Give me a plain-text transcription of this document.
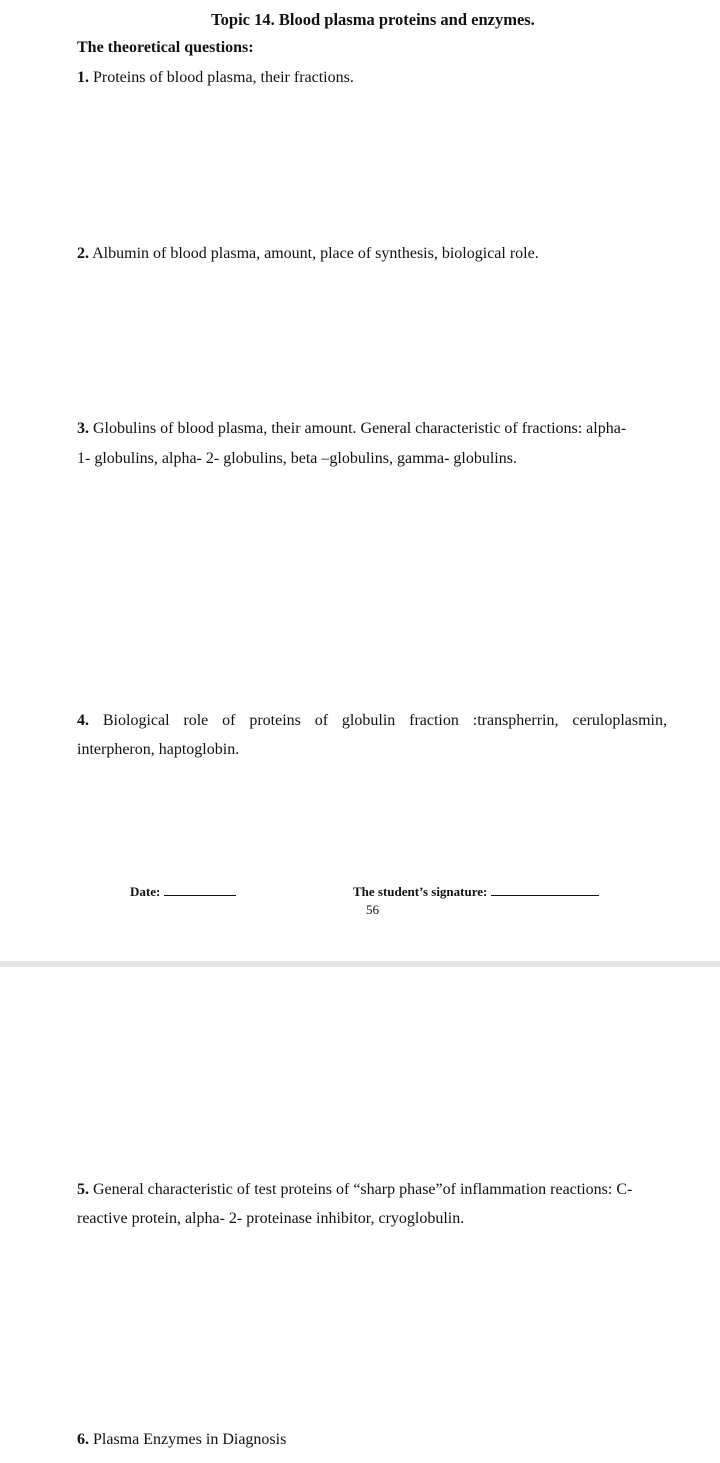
Topic 14. Blood plasma proteins and enzymes.
The theoretical questions:
1. Proteins of blood plasma, their fractions.
2. Albumin of blood plasma, amount, place of synthesis, biological role.
3. Globulins of blood plasma, their amount. General characteristic of fractions: alpha-
1- globulins, alpha- 2- globulins, beta –globulins, gamma- globulins.
4. Biological role of proteins of globulin fraction :transpherrin, ceruloplasmin,
interpheron, haptoglobin.
Date:	The student’s signature:
56
5. General characteristic of test proteins of “sharp phase”of inflammation reactions: C-
reactive protein, alpha- 2- proteinase inhibitor, cryoglobulin.
6. Plasma Enzymes in Diagnosis
